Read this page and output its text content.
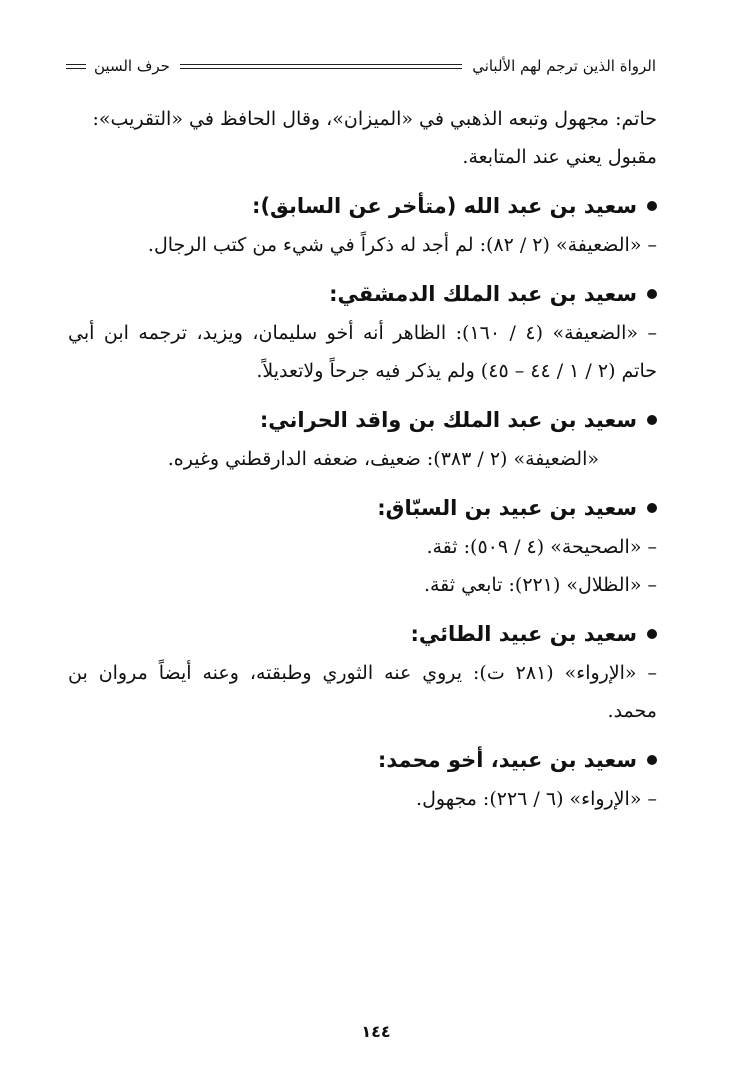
الرواة الذين ترجم لهم الألباني
حرف السين

حاتم: مجهول وتبعه الذهبي في «الميزان»، وقال الحافظ في «التقريب»:

مقبول يعني عند المتابعة.

سعيد بن عبد الله (متأخر عن السابق):

– «الضعيفة» (٢ / ٨٢): لم أجد له ذكراً في شيء من كتب الرجال.

سعيد بن عبد الملك الدمشقي:

– «الضعيفة» (٤ / ١٦٠): الظاهر أنه أخو سليمان، ويزيد، ترجمه ابن أبي حاتم (٢ / ١ / ٤٤ – ٤٥) ولم يذكر فيه جرحاً ولاتعديلاً.

سعيد بن عبد الملك بن واقد الحراني:

«الضعيفة» (٢ / ٣٨٣): ضعيف، ضعفه الدارقطني وغيره.

سعيد بن عبيد بن السبّاق:

– «الصحيحة» (٤ / ٥٠٩): ثقة.

– «الظلال» (٢٢١): تابعي ثقة.

سعيد بن عبيد الطائي:

– «الإرواء» (٢٨١ ت): يروي عنه الثوري وطبقته، وعنه أيضاً مروان بن محمد.

سعيد بن عبيد، أخو محمد:

– «الإرواء» (٦ / ٢٢٦): مجهول.

١٤٤
